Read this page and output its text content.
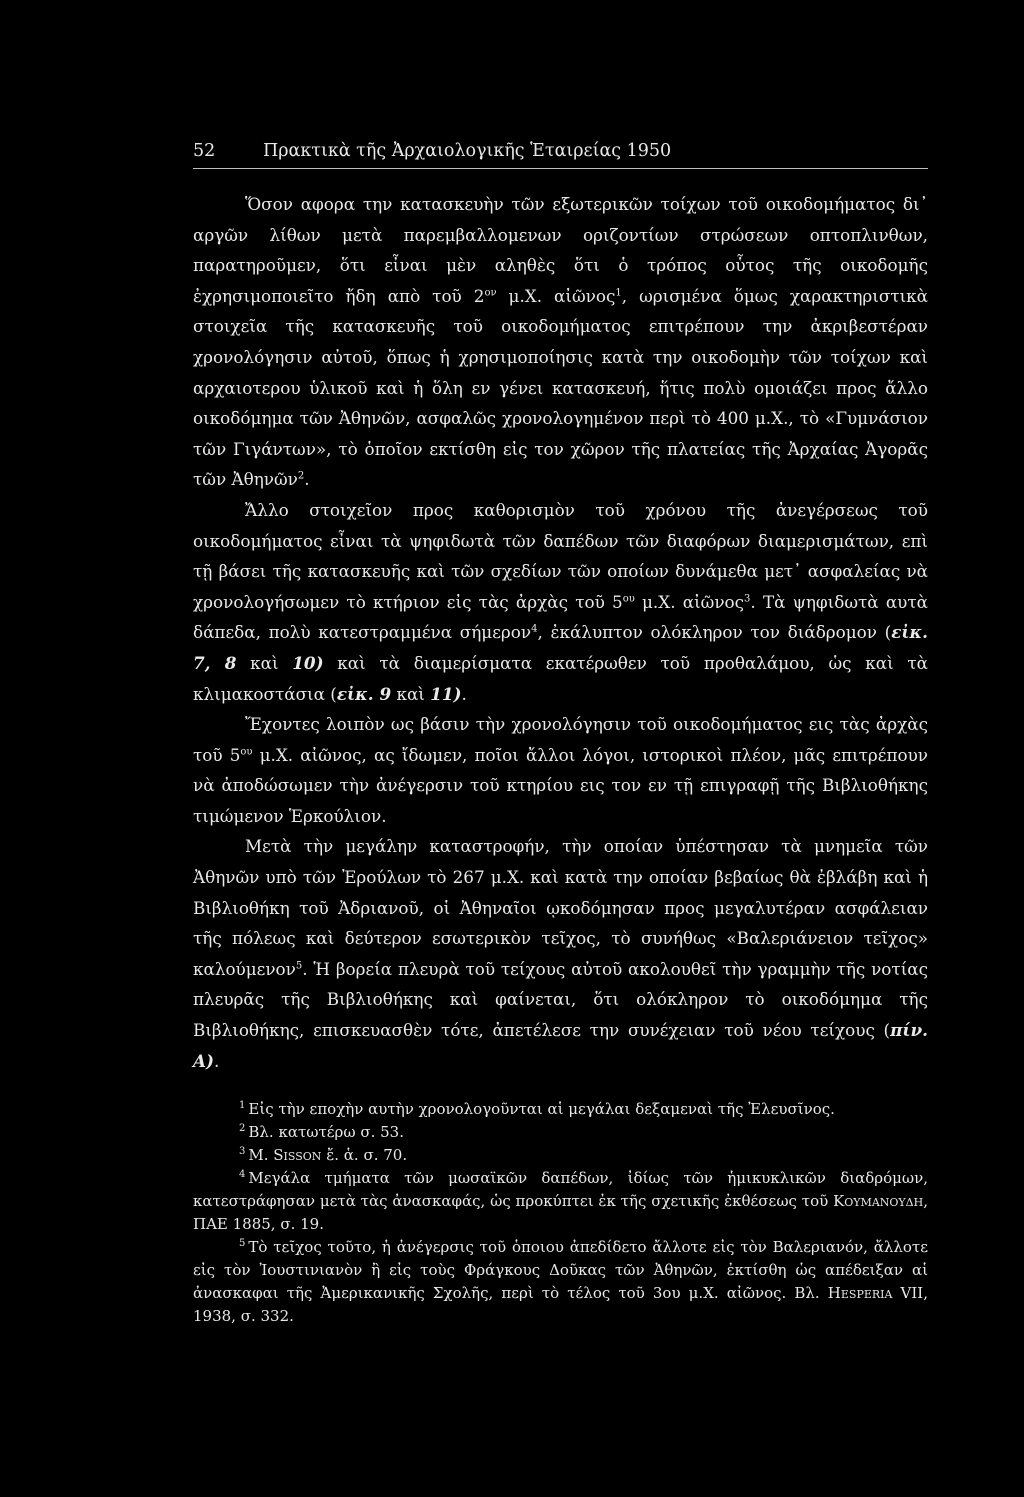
52	Πρακτικὰ τῆς Ἀρχαιολογικῆς Ἑταιρείας 1950

Ὅσον αφορα την κατασκευὴν τῶν εξωτερικῶν τοίχων τοῦ οικοδομήματος δι᾿ αργῶν λίθων μετὰ παρεμβαλλομενων οριζοντίων στρώσεων οπτοπλινθων, παρατηροῦμεν, ὅτι εἶναι μὲν αληθὲς ὅτι ὁ τρόπος οὗτος τῆς οικοδομῆς ἐχρησιμοποιεῖτο ἤδη απὸ τοῦ $2^{o\nu}$ μ.Χ. αἰῶνος$^1$, ωρισμένα ὅμως χαρακτηριστικὰ στοιχεῖα τῆς κατασκευῆς τοῦ οικοδομήματος επιτρέπουν την ἀκριβεστέραν χρονολόγησιν αὐτοῦ, ὅπως ἡ χρησιμοποίησις κατὰ την οικοδομὴν τῶν τοίχων καὶ αρχαιοτερου ὑλικοῦ καὶ ἡ ὅλη εν γένει κατασκευή, ἥτις πολὺ ομοιάζει προς ἄλλο οικοδόμημα τῶν Ἀθηνῶν, ασφαλῶς χρονολογημένον περὶ τὸ 400 μ.Χ., τὸ «Γυμνάσιον τῶν Γιγάντων», τὸ ὁποῖον εκτίσθη εἰς τον χῶρον τῆς πλατείας τῆς Ἀρχαίας Ἀγορᾶς τῶν Ἀθηνῶν$^2$.

Ἄλλο στοιχεῖον προς καθορισμὸν τοῦ χρόνου τῆς ἀνεγέρσεως τοῦ οικοδομήματος εἶναι τὰ ψηφιδωτὰ τῶν δαπέδων τῶν διαφόρων διαμερισμάτων, επὶ τῇ βάσει τῆς κατασκευῆς καὶ τῶν σχεδίων τῶν οποίων δυνάμεθα μετ᾿ ασφαλείας νὰ χρονολογήσωμεν τὸ κτήριον εἰς τὰς ἀρχὰς τοῦ $5^{o\upsilon}$ μ.Χ. αἰῶνος$^3$. Τὰ ψηφιδωτὰ αυτὰ δάπεδα, πολὺ κατεστραμμένα σήμερον$^4$, ἐκάλυπτον ολόκληρον τον διάδρομον (εἰκ. 7, 8 καὶ 10) καὶ τὰ διαμερίσματα εκατέρωθεν τοῦ προθαλάμου, ὡς καὶ τὰ κλιμακοστάσια (εἰκ. 9 καὶ 11).

Ἔχοντες λοιπὸν ως βάσιν τὴν χρονολόγησιν τοῦ οικοδομήματος εις τὰς ἀρχὰς τοῦ $5^{o\upsilon}$ μ.Χ. αἰῶνος, ας ἴδωμεν, ποῖοι ἄλλοι λόγοι, ιστορικοὶ πλέον, μᾶς επιτρέπουν νὰ ἀποδώσωμεν τὴν ἀνέγερσιν τοῦ κτηρίου εις τον εν τῇ επιγραφῇ τῆς Βιβλιοθήκης τιμώμενον Ἑρκούλιον.

Μετὰ τὴν μεγάλην καταστροφήν, τὴν οποίαν ὑπέστησαν τὰ μνημεῖα τῶν Ἀθηνῶν υπὸ τῶν Ἐρούλων τὸ 267 μ.Χ. καὶ κατὰ την οποίαν βεβαίως θὰ ἐβλάβη καὶ ἡ Βιβλιοθήκη τοῦ Ἀδριανοῦ, οἱ Ἀθηναῖοι ῳκοδόμησαν προς μεγαλυτέραν ασφάλειαν τῆς πόλεως καὶ δεύτερον εσωτερικὸν τεῖχος, τὸ συνήθως «Βαλεριάνειον τεῖχος» καλούμενον$^5$. Ἡ βορεία πλευρὰ τοῦ τείχους αὐτοῦ ακολουθεῖ τὴν γραμμὴν τῆς νοτίας πλευρᾶς τῆς Βιβλιοθήκης καὶ φαίνεται, ὅτι ολόκληρον τὸ οικοδόμημα τῆς Βιβλιοθήκης, επισκευασθὲν τότε, ἀπετέλεσε την συνέχειαν τοῦ νέου τείχους (πίν. Α).

$^1$ Εἰς τὴν εποχὴν αυτὴν χρονολογοῦνται αἱ μεγάλαι δεξαμεναὶ τῆς Ἐλευσῖνος.

$^2$ Βλ. κατωτέρω σ. 53.

$^3$ Μ. Sisson ἔ. ἁ. σ. 70.

$^4$ Μεγάλα τμήματα τῶν μωσαϊκῶν δαπέδων, ἰδίως τῶν ἡμικυκλικῶν διαδρόμων, κατεστράφησαν μετὰ τὰς ἀνασκαφάς, ὡς προκύπτει ἐκ τῆς σχετικῆς ἐκθέσεως τοῦ Κουμανουδη, ΠΑΕ 1885, σ. 19.

$^5$ Τὸ τεῖχος τοῦτο, ἡ ἀνέγερσις τοῦ ὁποιου ἀπεδίδετο ἄλλοτε εἰς τὸν Βαλεριανόν, ἄλλοτε εἰς τὸν Ἰουστινιανὸν ἢ εἰς τοὺς Φράγκους Δοῦκας τῶν Ἀθηνῶν, ἐκτίσθη ὡς απέδειξαν αἱ ἀνασκαφαι τῆς Ἀμερικανικῆς Σχολῆς, περὶ τὸ τέλος τοῦ 3ου μ.Χ. αἰῶνος. Βλ. Hesperia VII, 1938, σ. 332.
